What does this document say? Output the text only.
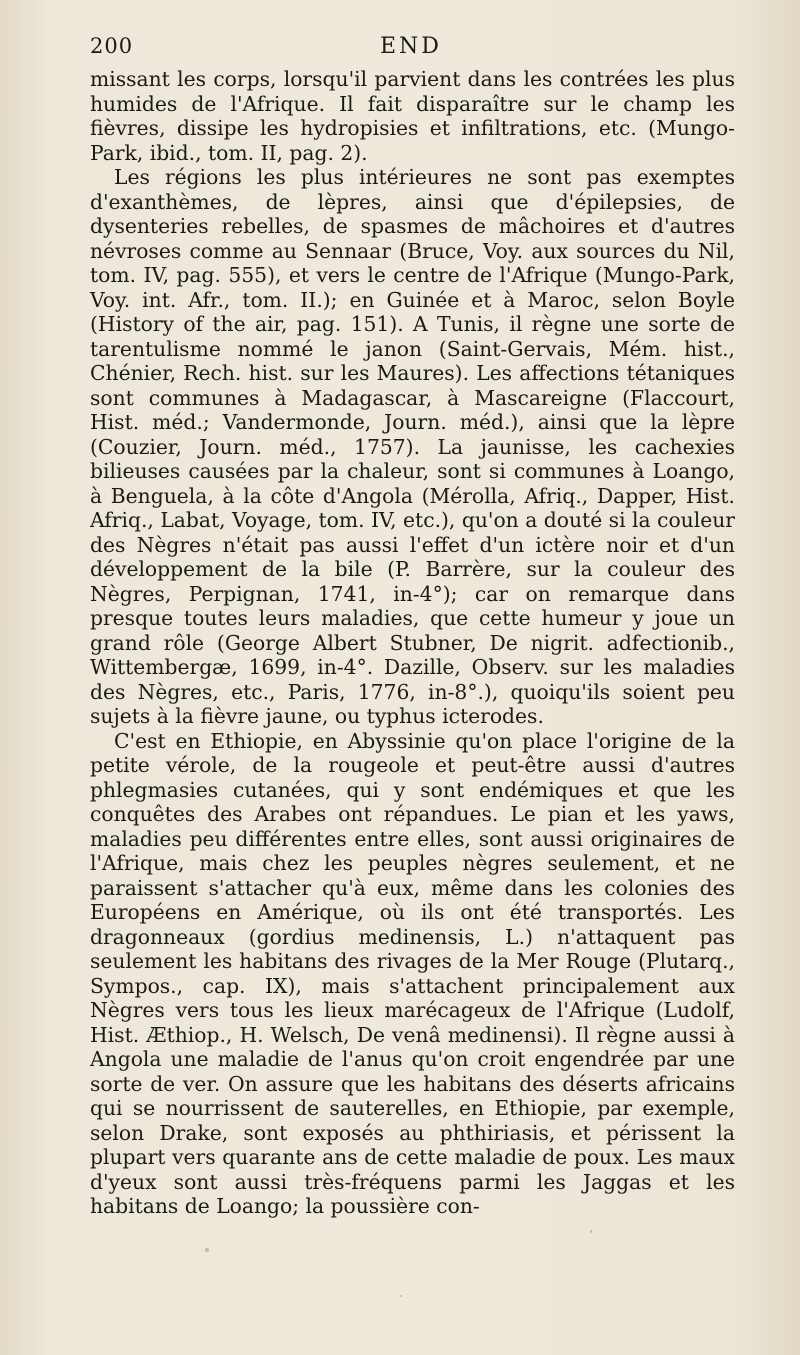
200	END

missant les corps, lorsqu'il parvient dans les contrées les plus humides de l'Afrique. Il fait disparaître sur le champ les fièvres, dissipe les hydropisies et infiltrations, etc. (Mungo-Park, ibid., tom. II, pag. 2).

Les régions les plus intérieures ne sont pas exemptes d'exanthèmes, de lèpres, ainsi que d'épilepsies, de dysenteries rebelles, de spasmes de mâchoires et d'autres névroses comme au Sennaar (Bruce, Voy. aux sources du Nil, tom. IV, pag. 555), et vers le centre de l'Afrique (Mungo-Park, Voy. int. Afr., tom. II.); en Guinée et à Maroc, selon Boyle (History of the air, pag. 151). A Tunis, il règne une sorte de tarentulisme nommé le janon (Saint-Gervais, Mém. hist., Chénier, Rech. hist. sur les Maures). Les affections tétaniques sont communes à Madagascar, à Mascareigne (Flaccourt, Hist. méd.; Vandermonde, Journ. méd.), ainsi que la lèpre (Couzier, Journ. méd., 1757). La jaunisse, les cachexies bilieuses causées par la chaleur, sont si communes à Loango, à Benguela, à la côte d'Angola (Mérolla, Afriq., Dapper, Hist. Afriq., Labat, Voyage, tom. IV, etc.), qu'on a douté si la couleur des Nègres n'était pas aussi l'effet d'un ictère noir et d'un développement de la bile (P. Barrère, sur la couleur des Nègres, Perpignan, 1741, in-4°); car on remarque dans presque toutes leurs maladies, que cette humeur y joue un grand rôle (George Albert Stubner, De nigrit. adfectionib., Wittembergæ, 1699, in-4°. Dazille, Observ. sur les maladies des Nègres, etc., Paris, 1776, in-8°.), quoiqu'ils soient peu sujets à la fièvre jaune, ou typhus icterodes.

C'est en Ethiopie, en Abyssinie qu'on place l'origine de la petite vérole, de la rougeole et peut-être aussi d'autres phlegmasies cutanées, qui y sont endémiques et que les conquêtes des Arabes ont répandues. Le pian et les yaws, maladies peu différentes entre elles, sont aussi originaires de l'Afrique, mais chez les peuples nègres seulement, et ne paraissent s'attacher qu'à eux, même dans les colonies des Européens en Amérique, où ils ont été transportés. Les dragonneaux (gordius medinensis, L.) n'attaquent pas seulement les habitans des rivages de la Mer Rouge (Plutarq., Sympos., cap. IX), mais s'attachent principalement aux Nègres vers tous les lieux marécageux de l'Afrique (Ludolf, Hist. Æthiop., H. Welsch, De venâ medinensi). Il règne aussi à Angola une maladie de l'anus qu'on croit engendrée par une sorte de ver. On assure que les habitans des déserts africains qui se nourrissent de sauterelles, en Ethiopie, par exemple, selon Drake, sont exposés au phthiriasis, et périssent la plupart vers quarante ans de cette maladie de poux. Les maux d'yeux sont aussi très-fréquens parmi les Jaggas et les habitans de Loango; la poussière con-
